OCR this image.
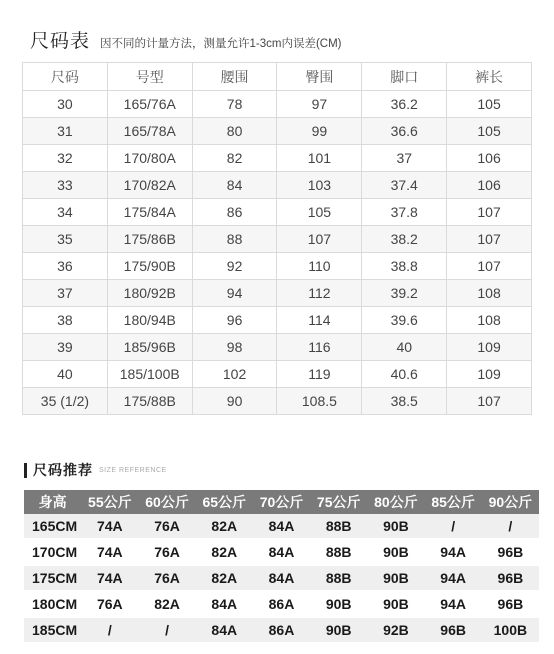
尺码表 因不同的计量方法，测量允许1-3cm内误差(CM)
尺码	号型	腰围	臀围	脚口	裤长
30	165/76A	78	97	36.2	105
31	165/78A	80	99	36.6	105
32	170/80A	82	101	37	106
33	170/82A	84	103	37.4	106
34	175/84A	86	105	37.8	107
35	175/86B	88	107	38.2	107
36	175/90B	92	110	38.8	107
37	180/92B	94	112	39.2	108
38	180/94B	96	114	39.6	108
39	185/96B	98	116	40	109
40	185/100B	102	119	40.6	109
35 (1/2)	175/88B	90	108.5	38.5	107
尺码推荐 SIZE REFERENCE
身高	55公斤	60公斤	65公斤	70公斤	75公斤	80公斤	85公斤	90公斤
165CM	74A	76A	82A	84A	88B	90B	/	/
170CM	74A	76A	82A	84A	88B	90B	94A	96B
175CM	74A	76A	82A	84A	88B	90B	94A	96B
180CM	76A	82A	84A	86A	90B	90B	94A	96B
185CM	/	/	84A	86A	90B	92B	96B	100B
